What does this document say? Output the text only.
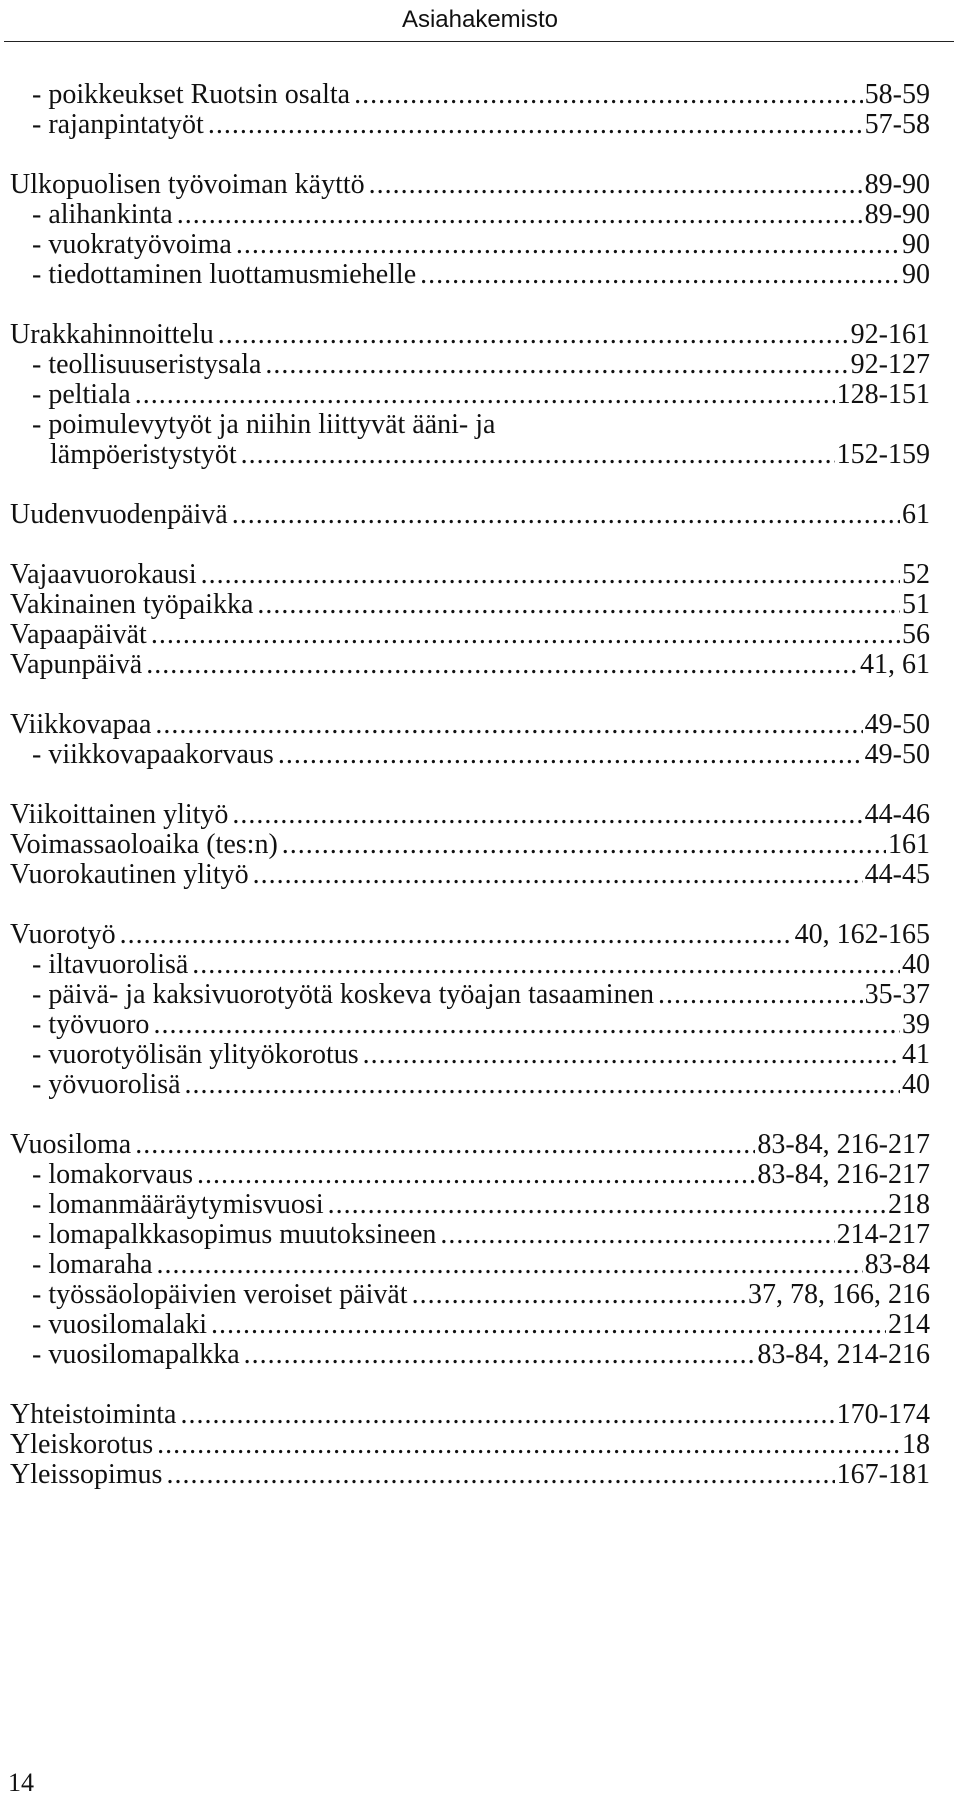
Asiahakemisto
- poikkeukset Ruotsin osalta .....	58-59
- rajanpintatyöt .....	57-58
Ulkopuolisen työvoiman käyttö .....	89-90
- alihankinta .....	89-90
- vuokratyövoima .....	90
- tiedottaminen luottamusmiehelle .....	90
Urakkahinnoittelu .....	92-161
- teollisuuseristysala .....	92-127
- peltiala .....	128-151
- poimulevytyöt ja niihin liittyvät ääni- ja
lämpöeristystyöt .....	152-159
Uudenvuodenpäivä .....	61
Vajaavuorokausi .....	52
Vakinainen työpaikka .....	51
Vapaapäivät .....	56
Vapunpäivä .....	41, 61
Viikkovapaa .....	49-50
- viikkovapaakorvaus .....	49-50
Viikoittainen ylityö .....	44-46
Voimassaoloaika (tes:n) .....	161
Vuorokautinen ylityö .....	44-45
Vuorotyö .....	40, 162-165
- iltavuorolisä .....	40
- päivä- ja kaksivuorotyötä koskeva työajan tasaaminen .....	35-37
- työvuoro .....	39
- vuorotyölisän ylityökorotus .....	41
- yövuorolisä .....	40
Vuosiloma .....	83-84, 216-217
- lomakorvaus .....	83-84, 216-217
- lomanmääräytymisvuosi .....	218
- lomapalkkasopimus muutoksineen .....	214-217
- lomaraha .....	83-84
- työssäolopäivien veroiset päivät .....	37, 78, 166, 216
- vuosilomalaki .....	214
- vuosilomapalkka .....	83-84, 214-216
Yhteistoiminta .....	170-174
Yleiskorotus .....	18
Yleissopimus .....	167-181
14
